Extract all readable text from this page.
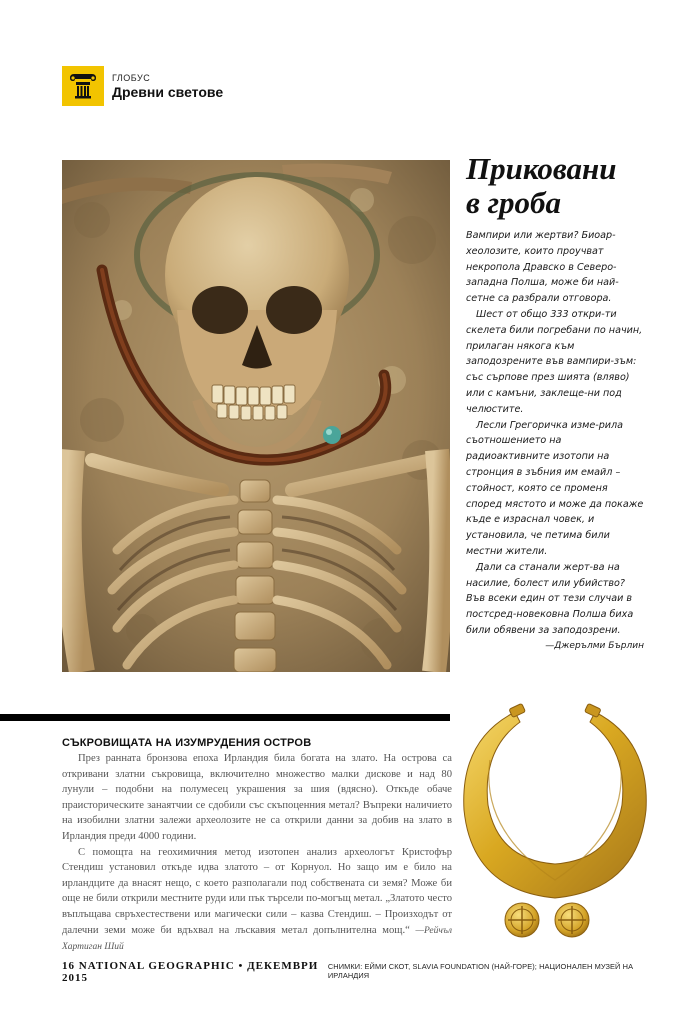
ГЛОБУС
Древни светове
Приковани
в гроба

Вампири или жертви? Биоар-хеолозите, които проучват некропола Дравско в Северо-западна Полша, може би най-сетне са разбрали отговора.

Шест от общо 333 откри-ти скелета били погребани по начин, прилаган някога към заподозрените във вампири-зъм: със сърпове през шията (вляво) или с камъни, заклеще-ни под челюстите.

Лесли Грегоричка изме-рила съотношението на радиоактивните изотопи на стронция в зъбния им емайл – стойност, която се променя според мястото и може да покаже къде е израснал човек, и установила, че петима били местни жители.

Дали са станали жерт-ва на насилие, болест или убийство? Във всеки един от тези случаи в постсред-новековна Полша биха били обявени за заподозрени.

—Джерълми Бърлин
СЪКРОВИЩАТА НА ИЗУМРУДЕНИЯ ОСТРОВ

През ранната бронзова епоха Ирландия била богата на злато. На острова са откривани златни съкровища, включително множество малки дискове и над 80 лунули – подобни на полумесец украшения за шия (вдясно). Откъде обаче праисторическите занаятчии се сдобили със скъпоценния метал? Въпреки наличието на изобилни златни залежи археолозите не са открили данни за добив на злато в Ирландия преди 4000 години.

С помощта на геохимичния метод изотопен анализ археологът Кристофър Стендиш установил откъде идва златото – от Корнуол. Но защо им е било на ирландците да внасят нещо, с което разполагали под собствената си земя? Може би още не били открили местните руди или пък търсели по-могъщ метал. „Златото често въплъщава свръхестествени или магически сили – казва Стендиш. – Произходът от далечни земи може би вдъхвал на лъскавия метал допълнителна мощ.“ —Рейчъл Хартиган Ший

16 NATIONAL GEOGRAPHIC • ДЕКЕМВРИ 2015
СНИМКИ: ЕЙМИ СКОТ, SLAVIA FOUNDATION (НАЙ-ГОРЕ); НАЦИОНАЛЕН МУЗЕЙ НА ИРЛАНДИЯ
